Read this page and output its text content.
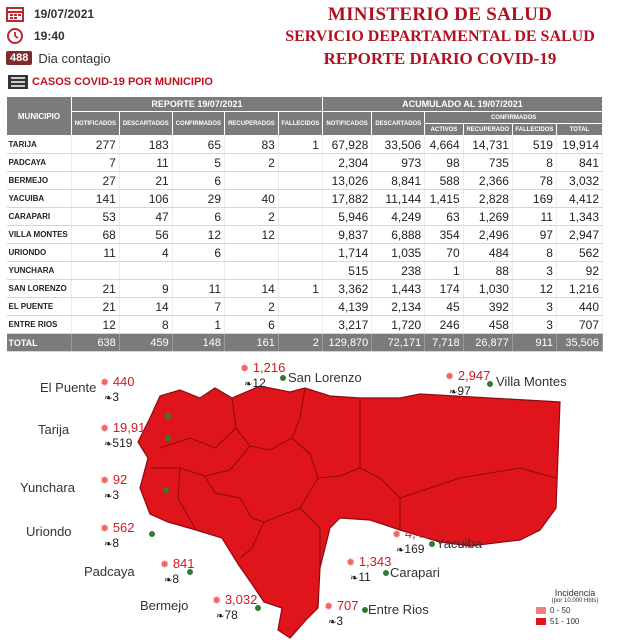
19/07/2021
19:40
488 Dia contagio
MINISTERIO DE SALUD
SERVICIO DEPARTAMENTAL DE SALUD
REPORTE DIARIO COVID-19
CASOS COVID-19 POR MUNICIPIO
MUNICIPIO	REPORTE 19/07/2021					ACUMULADO AL 19/07/2021					
	NOTIFICADOS	DESCARTADOS	CONFIRMADOS	RECUPERADOS	FALLECIDOS	NOTIFICADOS	DESCARTADOS	CONFIRMADOS			
								ACTIVOS	RECUPERADO	FALLECIDOS	TOTAL
TARIJA	277	183	65	83	1	67,928	33,506	4,664	14,731	519	19,914
PADCAYA	7	11	5	2		2,304	973	98	735	8	841
BERMEJO	27	21	6			13,026	8,841	588	2,366	78	3,032
YACUIBA	141	106	29	40		17,882	11,144	1,415	2,828	169	4,412
CARAPARI	53	47	6	2		5,946	4,249	63	1,269	11	1,343
VILLA MONTES	68	56	12	12		9,837	6,888	354	2,496	97	2,947
URIONDO	11	4	6			1,714	1,035	70	484	8	562
YUNCHARA						515	238	1	88	3	92
SAN LORENZO	21	9	11	14	1	3,362	1,443	174	1,030	12	1,216
EL PUENTE	21	14	7	2		4,139	2,134	45	392	3	440
ENTRE RIOS	12	8	1	6		3,217	1,720	246	458	3	707
TOTAL	638	459	148	161	2	129,870	72,171	7,718	26,877	911	35,506
El Puente ✹ 440
❧3
San Lorenzo
✹ 1,216
❧12	Villa Montes
✹ 2,947
❧97
Tarija	✹ 19,914
❧519
Yunchara ✹ 92
❧3
Uriondo	✹ 562
❧8	Yacuiba
✹ 4,412
❧169
Padcaya ✹ 841
❧8	Carapari
✹ 1,343
❧11
Bermejo ✹ 3,032
❧78	Entre Rios
✹ 707
❧3
Incidencia
(por 10.000 Hbts)
0 - 50
51 - 100
